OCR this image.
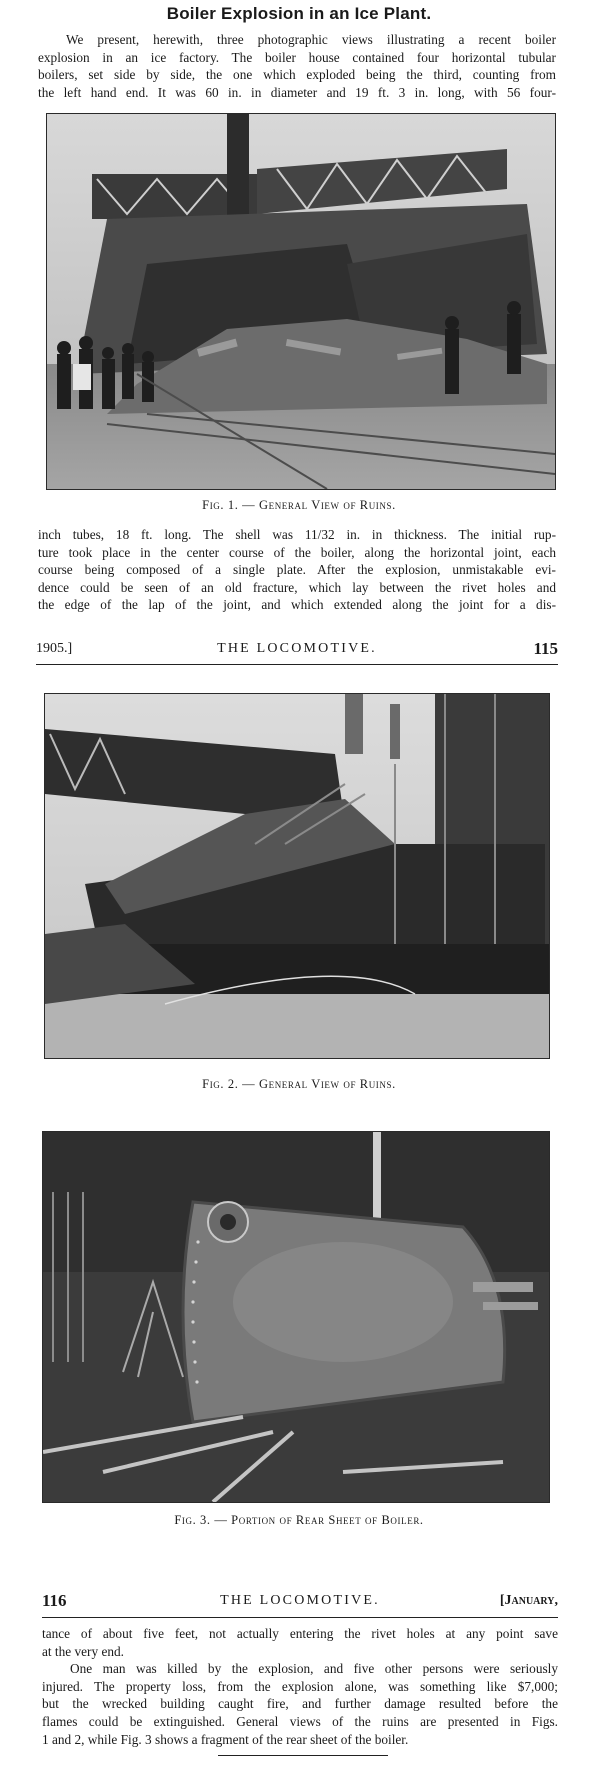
Boiler Explosion in an Ice Plant.
We present, herewith, three photographic views illustrating a recent boiler
explosion in an ice factory. The boiler house contained four horizontal tubular
boilers, set side by side, the one which exploded being the third, counting from
the left hand end. It was 60 in. in diameter and 19 ft. 3 in. long, with 56 four-
Fig. 1. — General View of Ruins.
inch tubes, 18 ft. long. The shell was 11/32 in. in thickness. The initial rup-
ture took place in the center course of the boiler, along the horizontal joint, each
course being composed of a single plate. After the explosion, unmistakable evi-
dence could be seen of an old fracture, which lay between the rivet holes and
the edge of the lap of the joint, and which extended along the joint for a dis-
1905.]	THE LOCOMOTIVE.	115
Fig. 2. — General View of Ruins.
Fig. 3. — Portion of Rear Sheet of Boiler.
116	THE LOCOMOTIVE.	[January,
tance of about five feet, not actually entering the rivet holes at any point save
at the very end.
One man was killed by the explosion, and five other persons were seriously
injured. The property loss, from the explosion alone, was something like $7,000;
but the wrecked building caught fire, and further damage resulted before the
flames could be extinguished. General views of the ruins are presented in Figs.
1 and 2, while Fig. 3 shows a fragment of the rear sheet of the boiler.
